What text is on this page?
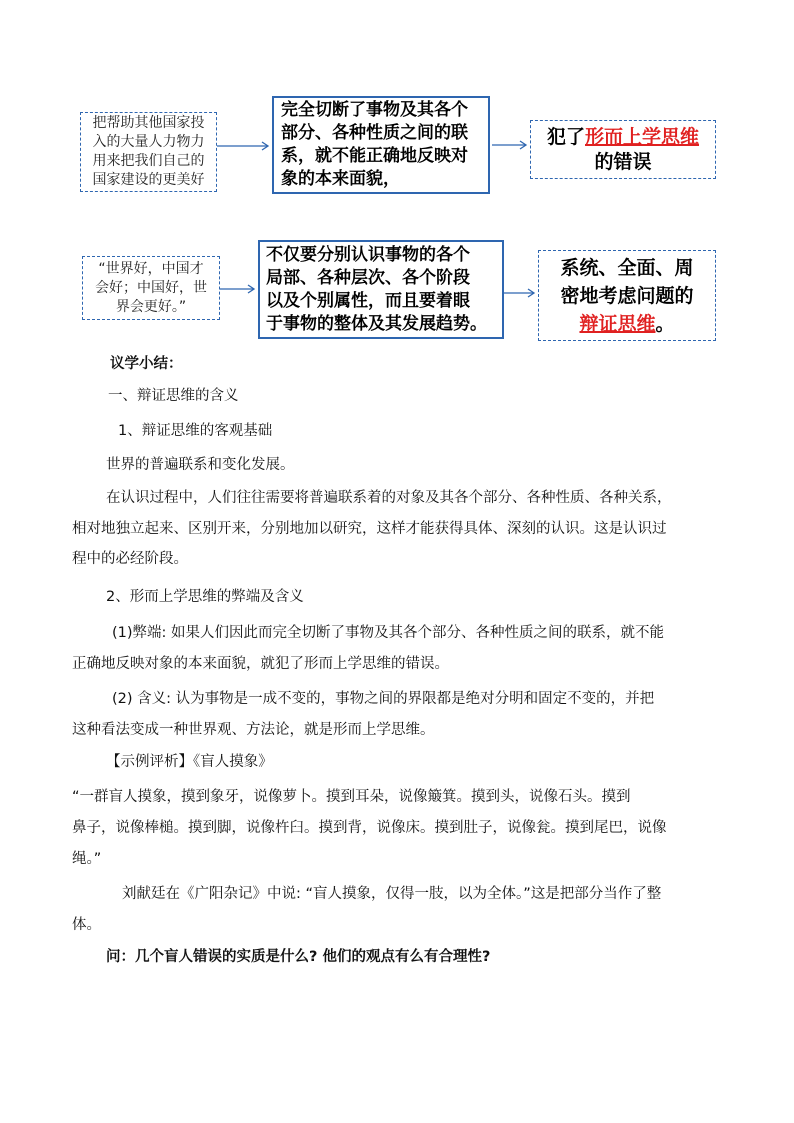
把帮助其他国家投
入的大量人力物力
用来把我们自己的
国家建设的更美好
完全切断了事物及其各个
部分、各种性质之间的联
系，就不能正确地反映对
象的本来面貌，
犯了形而上学思维
的错误
“世界好，中国才
会好；中国好，世
界会更好。”
不仅要分别认识事物的各个
局部、各种层次、各个阶段
以及个别属性，而且要着眼
于事物的整体及其发展趋势。
系统、全面、周
密地考虑问题的
辩证思维。
议学小结：
一、辩证思维的含义
1、辩证思维的客观基础
世界的普遍联系和变化发展。
在认识过程中，人们往往需要将普遍联系着的对象及其各个部分、各种性质、各种关系，
相对地独立起来、区别开来，分别地加以研究，这样才能获得具体、深刻的认识。这是认识过
程中的必经阶段。
2、形而上学思维的弊端及含义
(1)弊端: 如果人们因此而完全切断了事物及其各个部分、各种性质之间的联系，就不能
正确地反映对象的本来面貌，就犯了形而上学思维的错误。
(2) 含义: 认为事物是一成不变的，事物之间的界限都是绝对分明和固定不变的，并把
这种看法变成一种世界观、方法论，就是形而上学思维。
【示例评析】《盲人摸象》
“一群盲人摸象，摸到象牙，说像萝卜。摸到耳朵，说像簸箕。摸到头，说像石头。摸到
鼻子，说像棒槌。摸到脚，说像杵臼。摸到背，说像床。摸到肚子，说像瓮。摸到尾巴，说像
绳。”
刘献廷在《广阳杂记》中说: “盲人摸象，仅得一肢，以为全体。”这是把部分当作了整
体。
问：几个盲人错误的实质是什么? 他们的观点有么有合理性?
